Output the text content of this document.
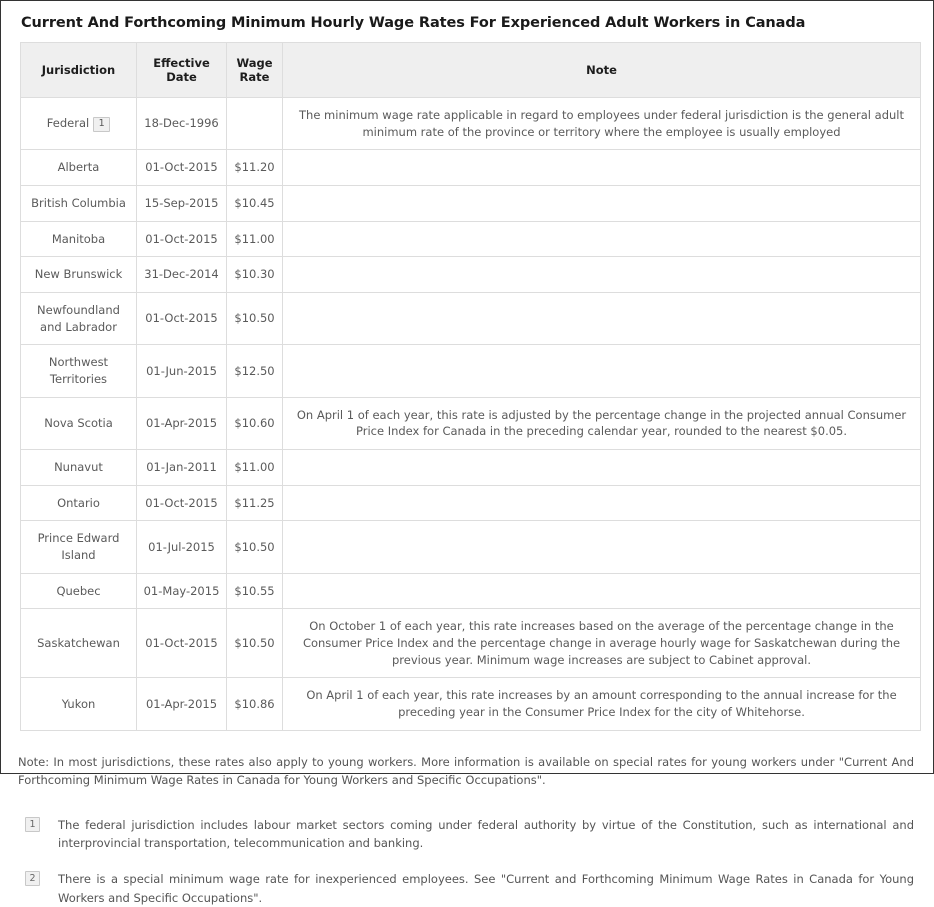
Current And Forthcoming Minimum Hourly Wage Rates For Experienced Adult Workers in Canada
Jurisdiction	Effective Date	Wage Rate	Note
Federal 1	18-Dec-1996		The minimum wage rate applicable in regard to employees under federal jurisdiction is the general adult minimum rate of the province or territory where the employee is usually employed
Alberta	01-Oct-2015	$11.20	
British Columbia	15-Sep-2015	$10.45	
Manitoba	01-Oct-2015	$11.00	
New Brunswick	31-Dec-2014	$10.30	
Newfoundland and Labrador	01-Oct-2015	$10.50	
Northwest Territories	01-Jun-2015	$12.50	
Nova Scotia	01-Apr-2015	$10.60	On April 1 of each year, this rate is adjusted by the percentage change in the projected annual Consumer Price Index for Canada in the preceding calendar year, rounded to the nearest $0.05.
Nunavut	01-Jan-2011	$11.00	
Ontario	01-Oct-2015	$11.25	
Prince Edward Island	01-Jul-2015	$10.50	
Quebec	01-May-2015	$10.55	
Saskatchewan	01-Oct-2015	$10.50	On October 1 of each year, this rate increases based on the average of the percentage change in the Consumer Price Index and the percentage change in average hourly wage for Saskatchewan during the previous year. Minimum wage increases are subject to Cabinet approval.
Yukon	01-Apr-2015	$10.86	On April 1 of each year, this rate increases by an amount corresponding to the annual increase for the preceding year in the Consumer Price Index for the city of Whitehorse.
Note: In most jurisdictions, these rates also apply to young workers. More information is available on special rates for young workers under "Current And Forthcoming Minimum Wage Rates in Canada for Young Workers and Specific Occupations".
1	The federal jurisdiction includes labour market sectors coming under federal authority by virtue of the Constitution, such as international and interprovincial transportation, telecommunication and banking.
2	There is a special minimum wage rate for inexperienced employees. See "Current and Forthcoming Minimum Wage Rates in Canada for Young Workers and Specific Occupations".
